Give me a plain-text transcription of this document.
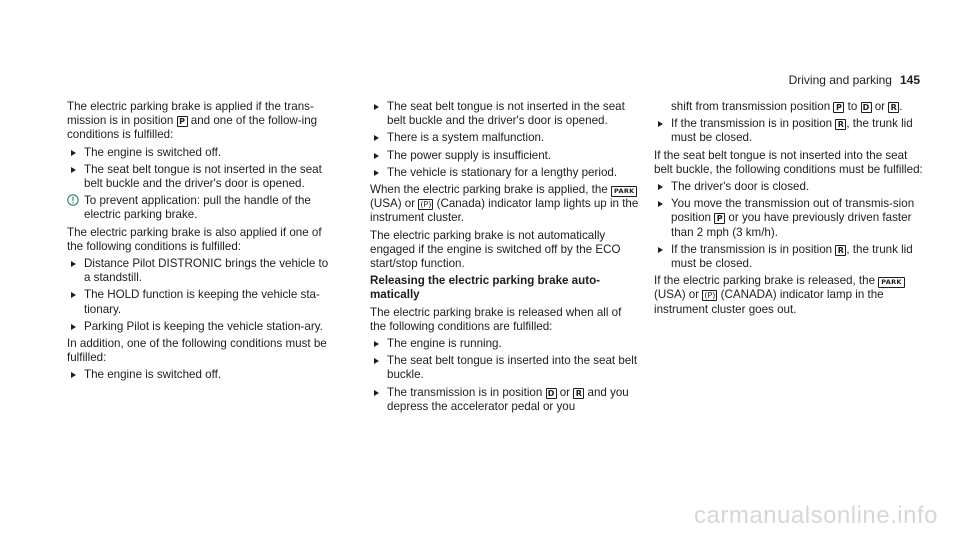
Driving and parking 145

The electric parking brake is applied if the trans-mission is in position P and one of the follow-ing conditions is fulfilled:

The engine is switched off.
The seat belt tongue is not inserted in the seat belt buckle and the driver's door is opened.
To prevent application: pull the handle of the electric parking brake.

The electric parking brake is also applied if one of the following conditions is fulfilled:

Distance Pilot DISTRONIC brings the vehicle to a standstill.
The HOLD function is keeping the vehicle sta-tionary.
Parking Pilot is keeping the vehicle station-ary.

In addition, one of the following conditions must be fulfilled:

The engine is switched off.
The seat belt tongue is not inserted in the seat belt buckle and the driver's door is opened.
There is a system malfunction.
The power supply is insufficient.
The vehicle is stationary for a lengthy period.

When the electric parking brake is applied, the PARK (USA) or (P) (Canada) indicator lamp lights up in the instrument cluster.

The electric parking brake is not automatically engaged if the engine is switched off by the ECO start/stop function.

Releasing the electric parking brake auto-matically

The electric parking brake is released when all of the following conditions are fulfilled:

The engine is running.
The seat belt tongue is inserted into the seat belt buckle.
The transmission is in position D or R and you depress the accelerator pedal or you

shift from transmission position P to D or R .

If the transmission is in position R , the trunk lid must be closed.

If the seat belt tongue is not inserted into the seat belt buckle, the following conditions must be fulfilled:

The driver's door is closed.
You move the transmission out of transmis-sion position P or you have previously driven faster than 2 mph (3 km/h).
If the transmission is in position R , the trunk lid must be closed.

If the electric parking brake is released, the PARK (USA) or (P) (CANADA) indicator lamp in the instrument cluster goes out.

carmanualsonline.info
